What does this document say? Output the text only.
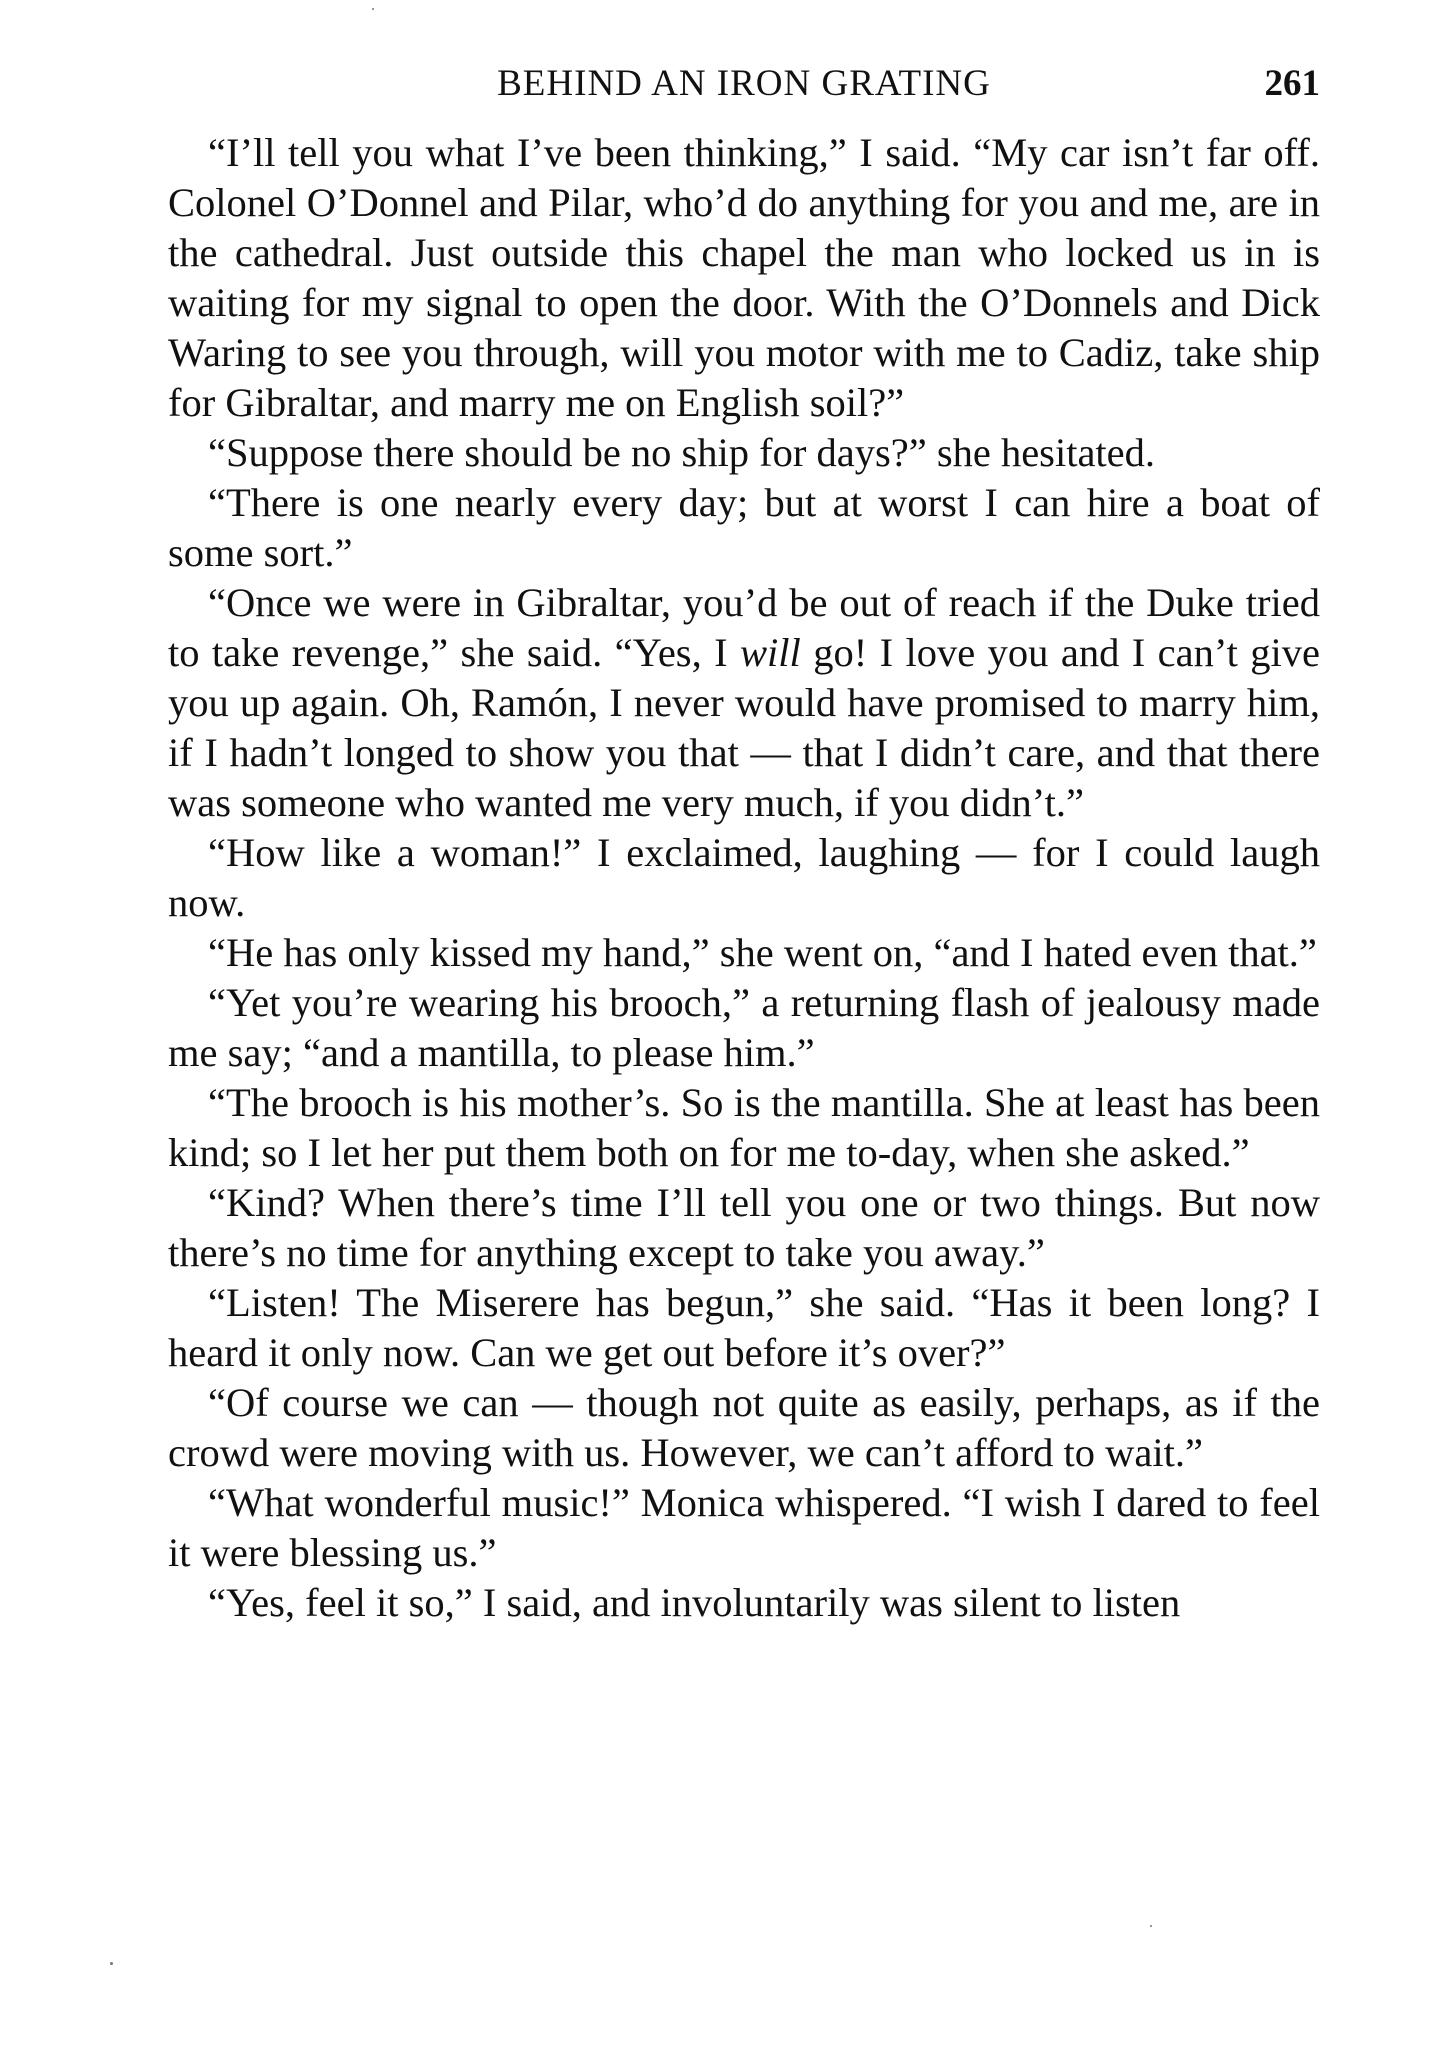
BEHIND AN IRON GRATING	261

“I’ll tell you what I’ve been thinking,” I said. “My car isn’t far off. Colonel O’Donnel and Pilar, who’d do anything for you and me, are in the cathedral. Just outside this chapel the man who locked us in is waiting for my signal to open the door. With the O’Donnels and Dick Waring to see you through, will you motor with me to Cadiz, take ship for Gibraltar, and marry me on English soil?”

“Suppose there should be no ship for days?” she hesitated.

“There is one nearly every day; but at worst I can hire a boat of some sort.”

“Once we were in Gibraltar, you’d be out of reach if the Duke tried to take revenge,” she said. “Yes, I will go! I love you and I can’t give you up again. Oh, Ramón, I never would have promised to marry him, if I hadn’t longed to show you that — that I didn’t care, and that there was someone who wanted me very much, if you didn’t.”

“How like a woman!” I exclaimed, laughing — for I could laugh now.

“He has only kissed my hand,” she went on, “and I hated even that.”

“Yet you’re wearing his brooch,” a returning flash of jealousy made me say; “and a mantilla, to please him.”

“The brooch is his mother’s. So is the mantilla. She at least has been kind; so I let her put them both on for me to-day, when she asked.”

“Kind? When there’s time I’ll tell you one or two things. But now there’s no time for anything except to take you away.”

“Listen! The Miserere has begun,” she said. “Has it been long? I heard it only now. Can we get out before it’s over?”

“Of course we can — though not quite as easily, perhaps, as if the crowd were moving with us. However, we can’t afford to wait.”

“What wonderful music!” Monica whispered. “I wish I dared to feel it were blessing us.”

“Yes, feel it so,” I said, and involuntarily was silent to listen
